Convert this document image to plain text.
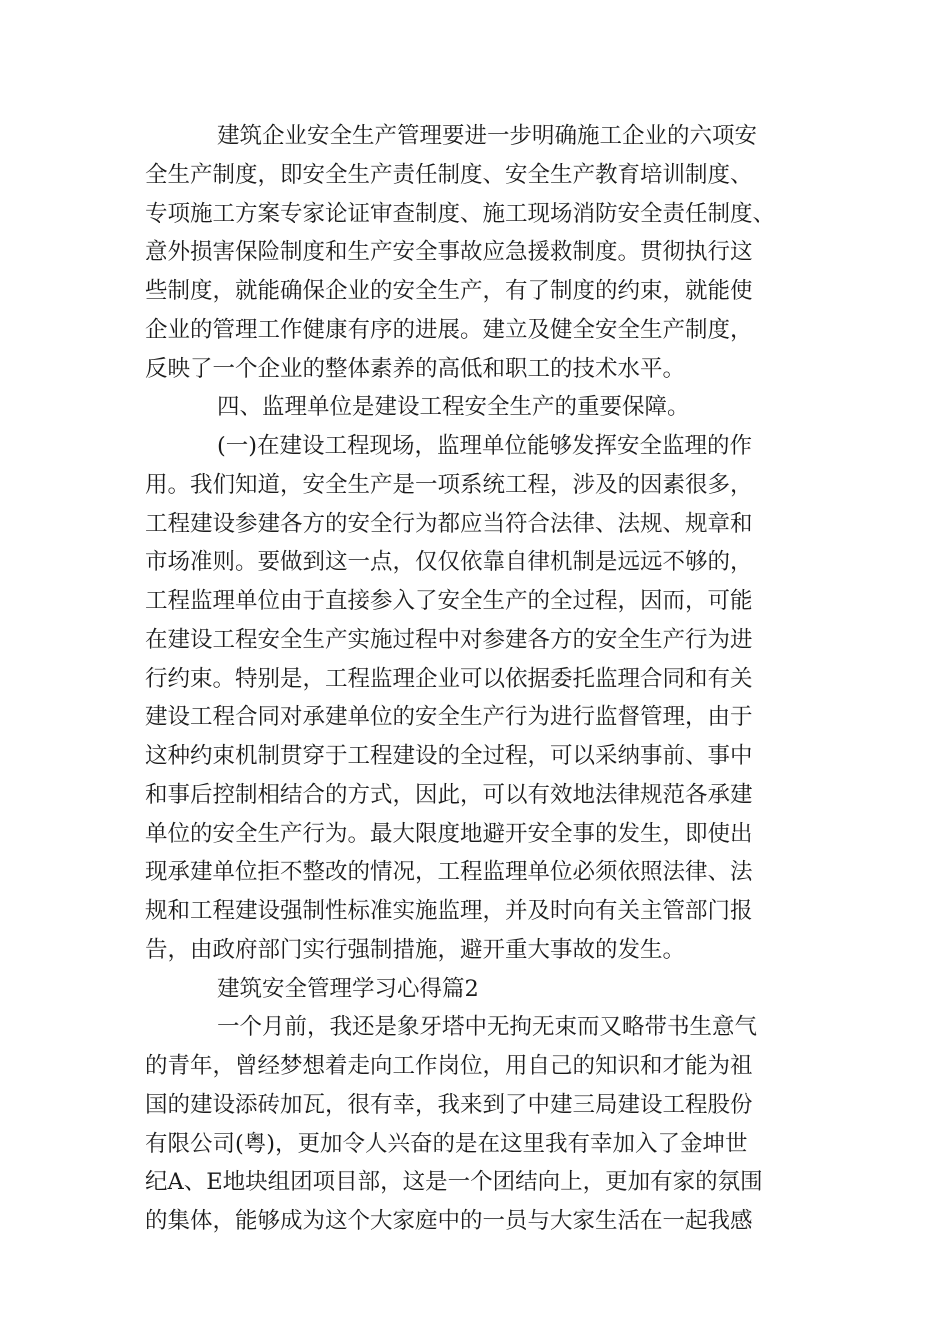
建筑企业安全生产管理要进一步明确施工企业的六项安
全生产制度，即安全生产责任制度、安全生产教育培训制度、
专项施工方案专家论证审查制度、施工现场消防安全责任制度、
意外损害保险制度和生产安全事故应急援救制度。贯彻执行这
些制度，就能确保企业的安全生产，有了制度的约束，就能使
企业的管理工作健康有序的进展。建立及健全安全生产制度，
反映了一个企业的整体素养的高低和职工的技术水平。
四、监理单位是建设工程安全生产的重要保障。
(一)在建设工程现场，监理单位能够发挥安全监理的作
用。我们知道，安全生产是一项系统工程，涉及的因素很多，
工程建设参建各方的安全行为都应当符合法律、法规、规章和
市场准则。要做到这一点，仅仅依靠自律机制是远远不够的，
工程监理单位由于直接参入了安全生产的全过程，因而，可能
在建设工程安全生产实施过程中对参建各方的安全生产行为进
行约束。特别是，工程监理企业可以依据委托监理合同和有关
建设工程合同对承建单位的安全生产行为进行监督管理，由于
这种约束机制贯穿于工程建设的全过程，可以采纳事前、事中
和事后控制相结合的方式，因此，可以有效地法律规范各承建
单位的安全生产行为。最大限度地避开安全事的发生，即使出
现承建单位拒不整改的情况，工程监理单位必须依照法律、法
规和工程建设强制性标准实施监理，并及时向有关主管部门报
告，由政府部门实行强制措施，避开重大事故的发生。
建筑安全管理学习心得篇2
一个月前，我还是象牙塔中无拘无束而又略带书生意气
的青年，曾经梦想着走向工作岗位，用自己的知识和才能为祖
国的建设添砖加瓦，很有幸，我来到了中建三局建设工程股份
有限公司(粤)，更加令人兴奋的是在这里我有幸加入了金坤世
纪A、E地块组团项目部，这是一个团结向上，更加有家的氛围
的集体，能够成为这个大家庭中的一员与大家生活在一起我感
